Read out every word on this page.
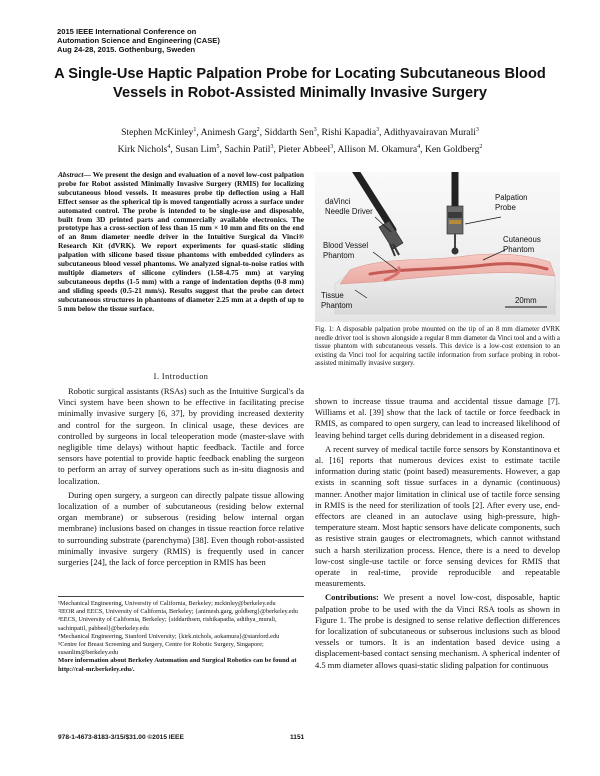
2015 IEEE International Conference on
Automation Science and Engineering (CASE)
Aug 24-28, 2015. Gothenburg, Sweden
A Single-Use Haptic Palpation Probe for Locating Subcutaneous Blood
Vessels in Robot-Assisted Minimally Invasive Surgery
Stephen McKinley$^1$, Animesh Garg$^2$, Siddarth Sen$^3$, Rishi Kapadia$^3$, Adithyavairavan Murali$^3$
Kirk Nichols$^4$, Susan Lim$^5$, Sachin Patil$^3$, Pieter Abbeel$^3$, Allison M. Okamura$^4$, Ken Goldberg$^2$
Abstract— We present the design and evaluation of a novel low-cost palpation probe for Robot assisted Minimally Invasive Surgery (RMIS) for localizing subcutaneous blood vessels. It measures probe tip deflection using a Hall Effect sensor as the spherical tip is moved tangentially across a surface under automated control. The probe is intended to be single-use and disposable, built from 3D printed parts and commercially available electronics. The prototype has a cross-section of less than 15 mm × 10 mm and fits on the end of an 8mm diameter needle driver in the Intuitive Surgical da Vinci® Research Kit (dVRK). We report experiments for quasi-static sliding palpation with silicone based tissue phantoms with embedded cylinders as subcutaneous blood vessel phantoms. We analyzed signal-to-noise ratios with multiple diameters of silicone cylinders (1.58-4.75 mm) at varying subcutaneous depths (1-5 mm) with a range of indentation depths (0-8 mm) and sliding speeds (0.5-21 mm/s). Results suggest that the probe can detect subcutaneous structures in phantoms of diameter 2.25 mm at a depth of up to 5 mm below the tissue surface.
I. Introduction

Robotic surgical assistants (RSAs) such as the Intuitive Surgical's da Vinci system have been shown to be effective in facilitating precise minimally invasive surgery [6, 37], by providing increased dexterity and control for the surgeon. In clinical usage, these devices are controlled by surgeons in local teleoperation mode (master-slave with negligible time delays) without haptic feedback. Tactile and force sensors have potential to provide haptic feedback enabling the surgeon to perform an array of survey operations such as in-situ diagnosis and localization.

During open surgery, a surgeon can directly palpate tissue allowing localization of a number of subcutaneous (residing below external organ membrane) or subserous (residing below internal organ membrane) inclusions based on changes in tissue reaction force relative to surrounding substrate (parenchyma) [38]. Even though robot-assisted minimally invasive surgery (RMIS) is frequently used in cancer surgeries [24], the lack of force perception in RMIS has been

¹Mechanical Engineering, University of California, Berkeley; mckinley@berkeley.edu
²IEOR and EECS, University of California, Berkeley; {animesh.garg, goldberg}@berkeley.edu
³EECS, University of California, Berkeley; {siddarthsen, rishikapadia, adithya_murali, sachinpatil, pabbeel}@berkeley.edu
⁴Mechanical Engineering, Stanford University; {kirk.nichols, aokamura}@stanford.edu
⁵Centre for Breast Screening and Surgery, Centre for Robotic Surgery, Singapore; susanlim@berkeley.edu
More information about Berkeley Automation and Surgical Robotics can be found at http://cal-mr.berkeley.edu/.
daVinci
Needle Driver
Palpation
Probe
Blood Vessel
Phantom
Cutaneous
Phantom
Tissue
Phantom
20mm
Fig. 1: A disposable palpation probe mounted on the tip of an 8 mm diameter dVRK needle driver tool is shown alongside a regular 8 mm diameter da Vinci tool and a with a tissue phantom with subcutaneous vessels. This device is a low-cost extension to an existing da Vinci tool for acquiring tactile information from surface probing in robot-assisted minimally invasive surgery.

shown to increase tissue trauma and accidental tissue damage [7]. Williams et al. [39] show that the lack of tactile or force feedback in RMIS, as compared to open surgery, can lead to increased likelihood of leaving behind target cells during debridement in a diseased region.

A recent survey of medical tactile force sensors by Konstantinova et al. [16] reports that numerous devices exist to estimate tactile information during static (point based) measurements. However, a gap exists in scanning soft tissue surfaces in a dynamic (continuous) manner. Another major limitation in clinical use of tactile force sensing in RMIS is the need for sterilization of tools [2]. After every use, end-effectors are cleaned in an autoclave using high-pressure, high-temperature steam. Most haptic sensors have delicate components, such as resistive strain gauges or electromagnets, which cannot withstand such a harsh sterilization process. Hence, there is a need to develop low-cost single-use tactile or force sensing devices for RMIS that operate in real-time, provide reproducible and repeatable measurements.

Contributions: We present a novel low-cost, disposable, haptic palpation probe to be used with the da Vinci RSA tools as shown in Figure 1. The probe is designed to sense relative deflection differences for localization of subcutaneous or subserous inclusions such as blood vessels or tumors. It is an indentation based device using a displacement-based contact sensing mechanism. A spherical indenter of 4.5 mm diameter allows quasi-static sliding palpation for continuous

978-1-4673-8183-3/15/$31.00 ©2015 IEEE	1151
